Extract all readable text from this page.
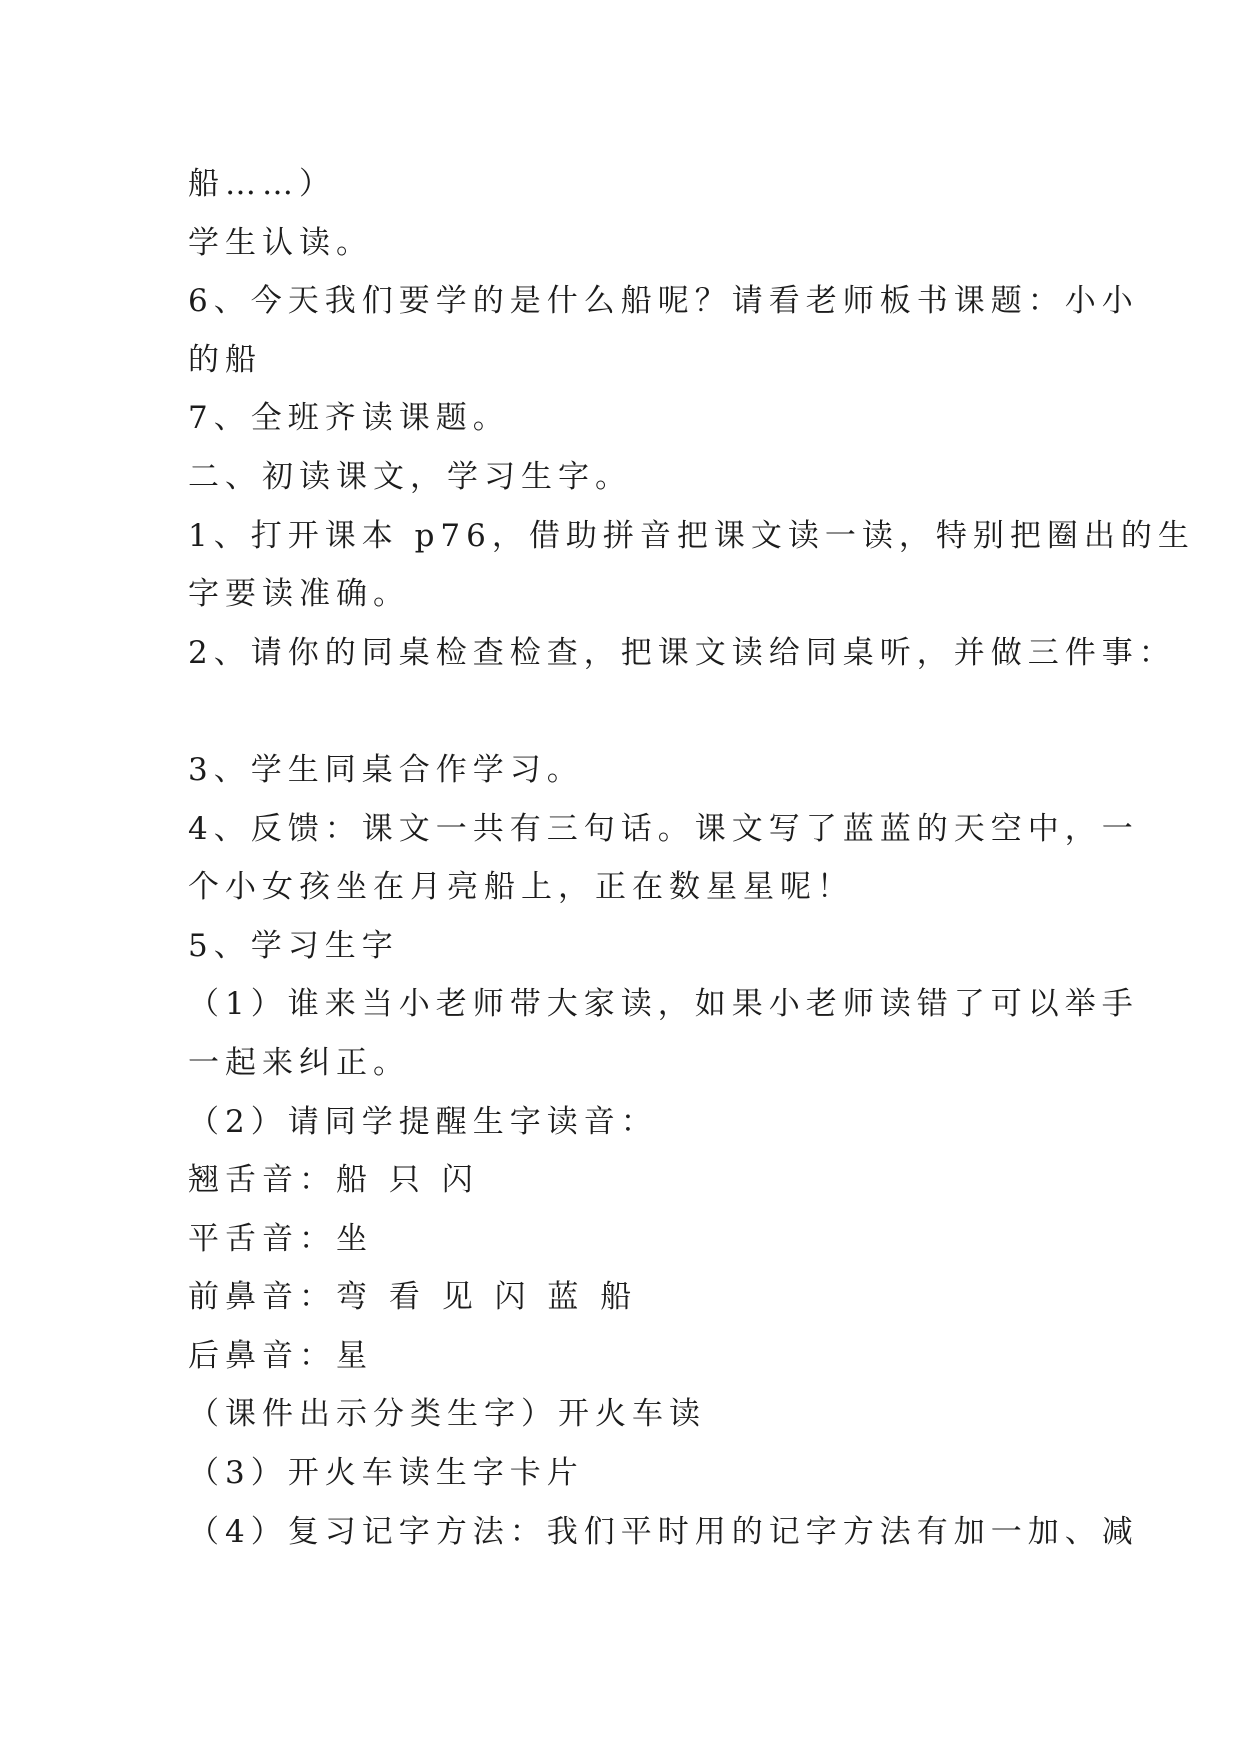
船……）
学生认读。
6、今天我们要学的是什么船呢？请看老师板书课题：小小
的船
7、全班齐读课题。
二、初读课文，学习生字。
1、打开课本 p76，借助拼音把课文读一读，特别把圈出的生
字要读准确。
2、请你的同桌检查检查，把课文读给同桌听，并做三件事：
3、学生同桌合作学习。
4、反馈：课文一共有三句话。课文写了蓝蓝的天空中，一
个小女孩坐在月亮船上，正在数星星呢！
5、学习生字
（1）谁来当小老师带大家读，如果小老师读错了可以举手
一起来纠正。
（2）请同学提醒生字读音：
翘舌音：船 只 闪
平舌音：坐
前鼻音：弯 看 见 闪 蓝 船
后鼻音：星
（课件出示分类生字）开火车读
（3）开火车读生字卡片
（4）复习记字方法：我们平时用的记字方法有加一加、减
